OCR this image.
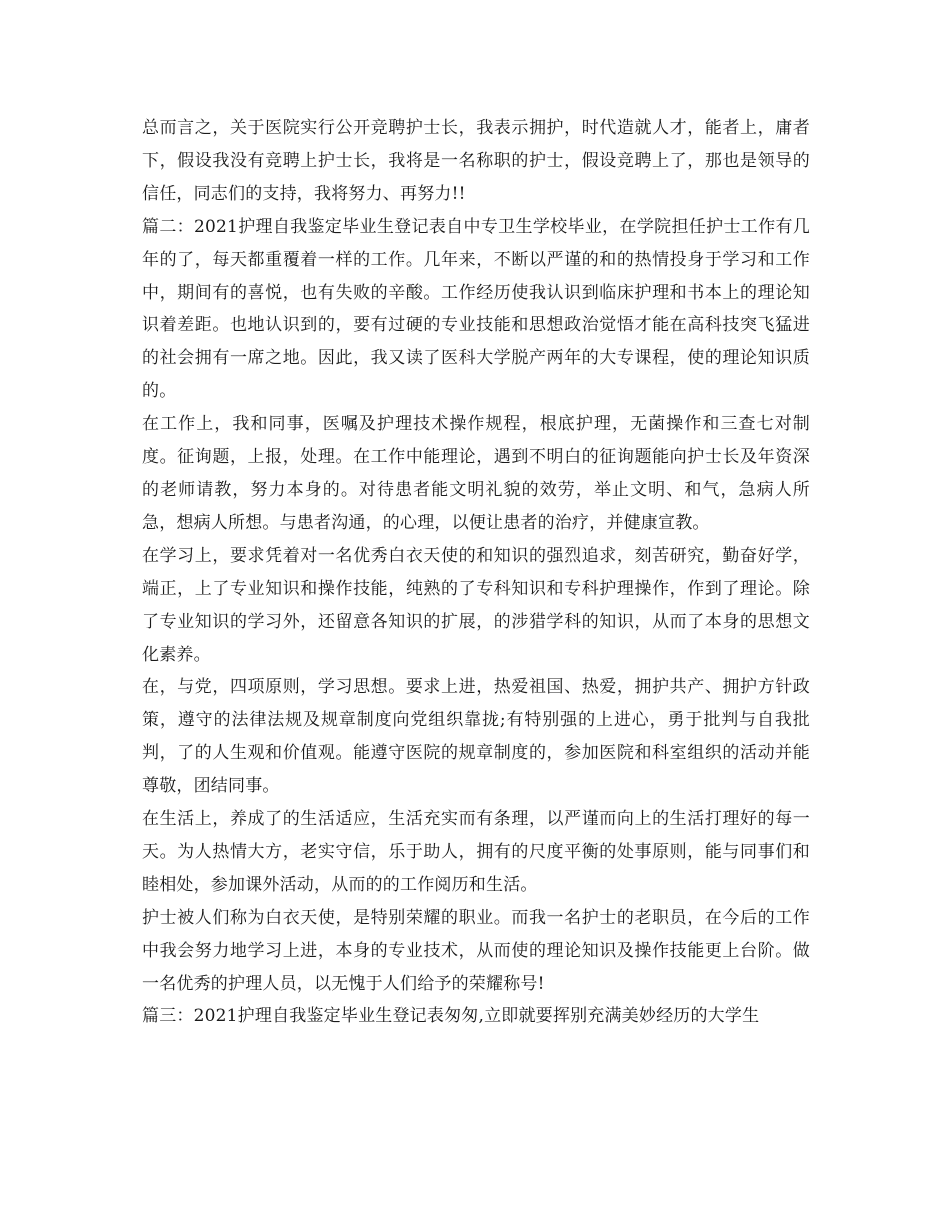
总而言之，关于医院实行公开竞聘护士长，我表示拥护，时代造就人才，能者上，庸者下，假设我没有竞聘上护士长，我将是一名称职的护士，假设竞聘上了，那也是领导的信任，同志们的支持，我将努力、再努力!!

篇二：2021护理自我鉴定毕业生登记表自中专卫生学校毕业，在学院担任护士工作有几年的了，每天都重覆着一样的工作。几年来，不断以严谨的和的热情投身于学习和工作中，期间有的喜悦，也有失败的辛酸。工作经历使我认识到临床护理和书本上的理论知识着差距。也地认识到的，要有过硬的专业技能和思想政治觉悟才能在高科技突飞猛进的社会拥有一席之地。因此，我又读了医科大学脱产两年的大专课程，使的理论知识质的。

在工作上，我和同事，医嘱及护理技术操作规程，根底护理，无菌操作和三查七对制度。征询题，上报，处理。在工作中能理论，遇到不明白的征询题能向护士长及年资深的老师请教，努力本身的。对待患者能文明礼貌的效劳，举止文明、和气，急病人所急，想病人所想。与患者沟通，的心理，以便让患者的治疗，并健康宣教。

在学习上，要求凭着对一名优秀白衣天使的和知识的强烈追求，刻苦研究，勤奋好学，端正，上了专业知识和操作技能，纯熟的了专科知识和专科护理操作，作到了理论。除了专业知识的学习外，还留意各知识的扩展，的涉猎学科的知识，从而了本身的思想文化素养。

在，与党，四项原则，学习思想。要求上进，热爱祖国、热爱，拥护共产、拥护方针政策，遵守的法律法规及规章制度向党组织靠拢;有特别强的上进心，勇于批判与自我批判，了的人生观和价值观。能遵守医院的规章制度的，参加医院和科室组织的活动并能尊敬，团结同事。

在生活上，养成了的生活适应，生活充实而有条理，以严谨而向上的生活打理好的每一天。为人热情大方，老实守信，乐于助人，拥有的尺度平衡的处事原则，能与同事们和睦相处，参加课外活动，从而的的工作阅历和生活。

护士被人们称为白衣天使，是特别荣耀的职业。而我一名护士的老职员，在今后的工作中我会努力地学习上进，本身的专业技术，从而使的理论知识及操作技能更上台阶。做一名优秀的护理人员，以无愧于人们给予的荣耀称号!

篇三：2021护理自我鉴定毕业生登记表匆匆,立即就要挥别充满美妙经历的大学生
